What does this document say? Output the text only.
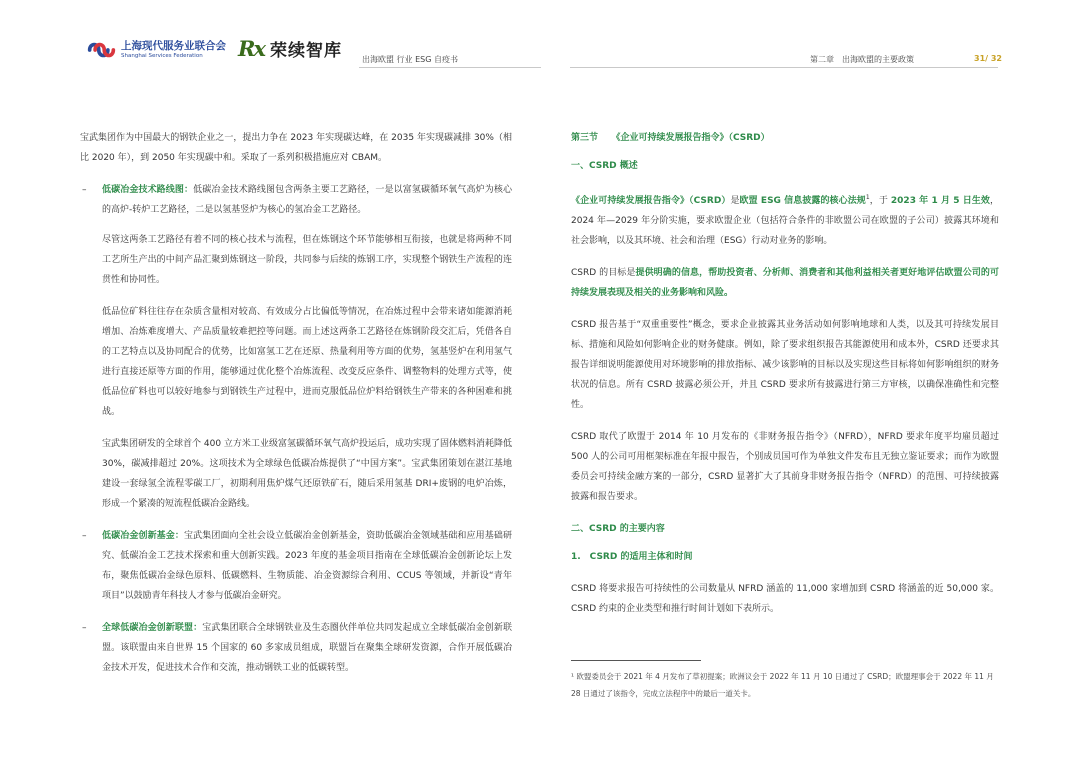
上海现代服务业联合会
Shanghai Services Federation	Rx 荣续智库	出海欧盟 行业 ESG 自疫书	第二章　出海欧盟的主要政策	31/ 32

宝武集团作为中国最大的钢铁企业之一，提出力争在 2023 年实现碳达峰，在 2035 年实现碳减排 30%（相比 2020 年），到 2050 年实现碳中和。采取了一系列积极措施应对 CBAM。

– 低碳冶金技术路线图：低碳冶金技术路线图包含两条主要工艺路径，一是以富氢碳循环氧气高炉为核心的高炉-转炉工艺路径，二是以氢基竖炉为核心的氢冶金工艺路径。

尽管这两条工艺路径有着不同的核心技术与流程，但在炼钢这个环节能够相互衔接，也就是将两种不同工艺所生产出的中间产品汇聚到炼钢这一阶段，共同参与后续的炼钢工序，实现整个钢铁生产流程的连贯性和协同性。

低品位矿料往往存在杂质含量相对较高、有效成分占比偏低等情况，在冶炼过程中会带来诸如能源消耗增加、冶炼难度增大、产品质量较难把控等问题。而上述这两条工艺路径在炼钢阶段交汇后，凭借各自的工艺特点以及协同配合的优势，比如富氢工艺在还原、热量利用等方面的优势，氢基竖炉在利用氢气进行直接还原等方面的作用，能够通过优化整个冶炼流程、改变反应条件、调整物料的处理方式等，使低品位矿料也可以较好地参与到钢铁生产过程中，进而克服低品位炉料给钢铁生产带来的各种困难和挑战。

宝武集团研发的全球首个 400 立方米工业级富氢碳循环氧气高炉投运后，成功实现了固体燃料消耗降低 30%，碳减排超过 20%。这项技术为全球绿色低碳冶炼提供了“中国方案”。宝武集团策划在湛江基地建设一套绿氢全流程零碳工厂，初期利用焦炉煤气还原铁矿石，随后采用氢基 DRI+废钢的电炉冶炼，形成一个紧凑的短流程低碳冶金路线。

– 低碳冶金创新基金：宝武集团面向全社会设立低碳冶金创新基金，资助低碳冶金领域基础和应用基础研究、低碳冶金工艺技术探索和重大创新实践。2023 年度的基金项目指南在全球低碳冶金创新论坛上发布，聚焦低碳冶金绿色原料、低碳燃料、生物质能、冶金资源综合利用、CCUS 等领域，并新设“青年项目”以鼓励青年科技人才参与低碳冶金研究。

– 全球低碳冶金创新联盟：宝武集团联合全球钢铁业及生态圈伙伴单位共同发起成立全球低碳冶金创新联盟。该联盟由来自世界 15 个国家的 60 多家成员组成，联盟旨在聚集全球研发资源，合作开展低碳冶金技术开发，促进技术合作和交流，推动钢铁工业的低碳转型。

第三节　　《企业可持续发展报告指令》（CSRD）

一、CSRD 概述

《企业可持续发展报告指令》（CSRD）是欧盟 ESG 信息披露的核心法规$^1$，于 2023 年 1 月 5 日生效，2024 年—2029 年分阶实施，要求欧盟企业（包括符合条件的非欧盟公司在欧盟的子公司）披露其环境和社会影响，以及其环境、社会和治理（ESG）行动对业务的影响。

CSRD 的目标是提供明确的信息，帮助投资者、分析师、消费者和其他利益相关者更好地评估欧盟公司的可持续发展表现及相关的业务影响和风险。

CSRD 报告基于“双重重要性”概念，要求企业披露其业务活动如何影响地球和人类，以及其可持续发展目标、措施和风险如何影响企业的财务健康。例如，除了要求组织报告其能源使用和成本外，CSRD 还要求其报告详细说明能源使用对环境影响的排放指标、减少该影响的目标以及实现这些目标将如何影响组织的财务状况的信息。所有 CSRD 披露必须公开，并且 CSRD 要求所有披露进行第三方审核，以确保准确性和完整性。

CSRD 取代了欧盟于 2014 年 10 月发布的《非财务报告指令》（NFRD），NFRD 要求年度平均雇员超过 500 人的公司可用框架标准在年报中报告，个别成员国可作为单独文件发布且无独立鉴证要求；而作为欧盟委员会可持续金融方案的一部分，CSRD 显著扩大了其前身非财务报告指令（NFRD）的范围、可持续披露披露和报告要求。

二、CSRD 的主要内容

1.　CSRD 的适用主体和时间

CSRD 将要求报告可持续性的公司数量从 NFRD 涵盖的 11,000 家增加到 CSRD 将涵盖的近 50,000 家。CSRD 约束的企业类型和推行时间计划如下表所示。

¹ 欧盟委员会于 2021 年 4 月发布了草初提案；欧洲议会于 2022 年 11 月 10 日通过了 CSRD；欧盟理事会于 2022 年 11 月 28 日通过了该指令，完成立法程序中的最后一道关卡。
